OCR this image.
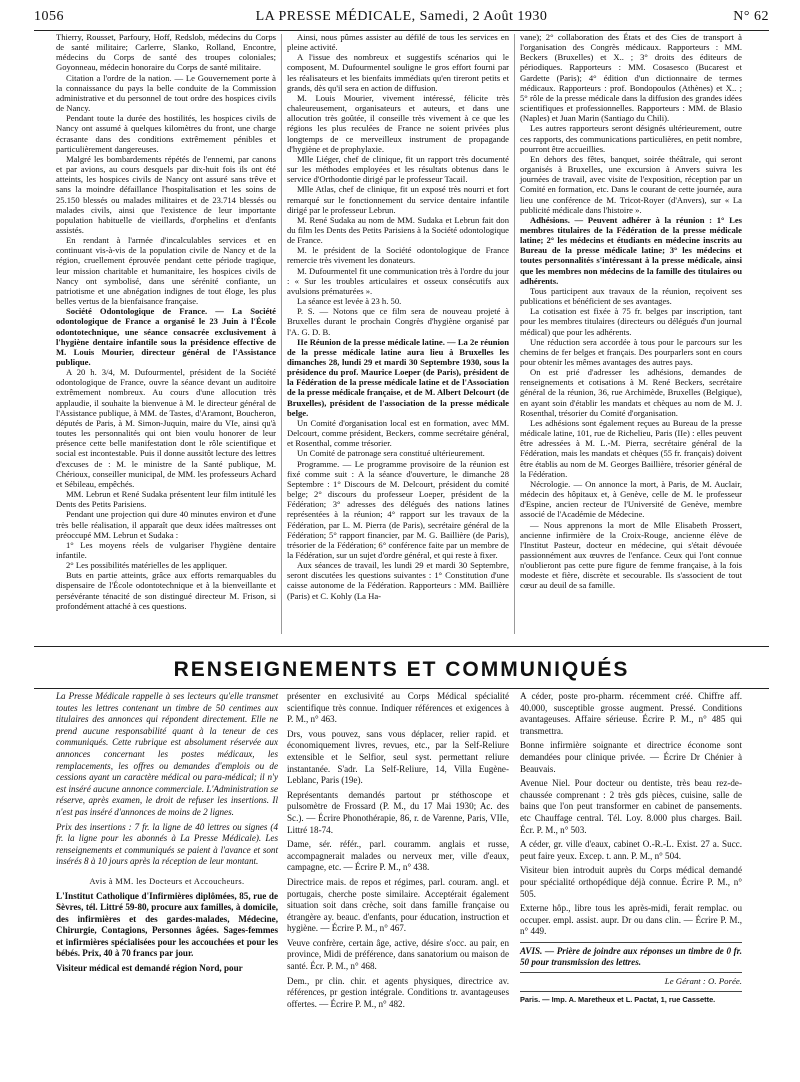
1056	LA PRESSE MÉDICALE, Samedi, 2 Août 1930	N° 62

Thierry, Rousset, Parfoury, Hoff, Redslob, médecins du Corps de santé militaire; Carlerre, Slanko, Rolland, Encontre, médecins du Corps de santé des troupes coloniales; Goyonneau, médecin honoraire du Corps de santé militaire.

Citation a l'ordre de la nation. — Le Gouvernement porte à la connaissance du pays la belle conduite de la Commission administrative et du personnel de tout ordre des hospices civils de Nancy.

Pendant toute la durée des hostilités, les hospices civils de Nancy ont assumé à quelques kilomètres du front, une charge écrasante dans des conditions extrêmement pénibles et particulièrement dangereuses.

Malgré les bombardements répétés de l'ennemi, par canons et par avions, au cours desquels par dix-huit fois ils ont été atteints, les hospices civils de Nancy ont assuré sans trêve et sans la moindre défaillance l'hospitalisation et les soins de 25.150 blessés ou malades militaires et de 23.714 blessés ou malades civils, ainsi que l'existence de leur importante population habituelle de vieillards, d'orphelins et d'enfants assistés.

En rendant à l'armée d'incalculables services et en continuant vis-à-vis de la population civile de Nancy et de la région, cruellement éprouvée pendant cette période tragique, leur mission charitable et humanitaire, les hospices civils de Nancy ont symbolisé, dans une sérénité confiante, un patriotisme et une abnégation indignes de tout éloge, les plus belles vertus de la bienfaisance française.

Société Odontologique de France. — La Société odontologique de France a organisé le 23 Juin à l'École odontotechnique, une séance consacrée exclusivement à l'hygiène dentaire infantile sous la présidence effective de M. Louis Mourier, directeur général de l'Assistance publique.

A 20 h. 3/4, M. Dufourmentel, président de la Société odontologique de France, ouvre la séance devant un auditoire extrêmement nombreux. Au cours d'une allocution très applaudie, il souhaite la bienvenue à M. le directeur général de l'Assistance publique, à MM. de Tastes, d'Aramont, Boucheron, députés de Paris, à M. Simon-Juquin, maire du VIe, ainsi qu'à toutes les personnalités qui ont bien voulu honorer de leur présence cette belle manifestation dont le rôle scientifique et social est incontestable. Puis il donne aussitôt lecture des lettres d'excuses de : M. le ministre de la Santé publique, M. Chérioux, conseiller municipal, de MM. les professeurs Achard et Sébileau, empêchés.

MM. Lebrun et René Sudaka présentent leur film intitulé les Dents des Petits Parisiens.

Pendant une projection qui dure 40 minutes environ et d'une très belle réalisation, il apparaît que deux idées maîtresses ont préoccupé MM. Lebrun et Sudaka :

1° Les moyens réels de vulgariser l'hygiène dentaire infantile.

2° Les possibilités matérielles de les appliquer.

Buts en partie atteints, grâce aux efforts remarquables du dispensaire de l'École odontotechnique et à la bienveillante et persévérante ténacité de son distingué directeur M. Frison, si profondément attaché à ces questions.

Ainsi, nous pûmes assister au défilé de tous les services en pleine activité.

A l'issue des nombreux et suggestifs scénarios qui le composent, M. Dufourmentel souligne le gros effort fourni par les réalisateurs et les bienfaits immédiats qu'en tireront petits et grands, dès qu'il sera en action de diffusion.

M. Louis Mourier, vivement intéressé, félicite très chaleureusement, organisateurs et auteurs, et dans une allocution très goûtée, il conseille très vivement à ce que les régions les plus reculées de France ne soient privées plus longtemps de ce merveilleux instrument de propagande d'hygiène et de prophylaxie.

Mlle Liéger, chef de clinique, fit un rapport très documenté sur les méthodes employées et les résultats obtenus dans le service d'Orthodontie dirigé par le professeur Tacail.

Mlle Atlas, chef de clinique, fit un exposé très nourri et fort remarqué sur le fonctionnement du service dentaire infantile dirigé par le professeur Lebrun.

M. René Sudaka au nom de MM. Sudaka et Lebrun fait don du film les Dents des Petits Parisiens à la Société odontologique de France.

M. le président de la Société odontologique de France remercie très vivement les donateurs.

M. Dufourmentel fit une communication très à l'ordre du jour : « Sur les troubles articulaires et osseux consécutifs aux avulsions prématurées ».

La séance est levée à 23 h. 50.

P. S. — Notons que ce film sera de nouveau projeté à Bruxelles durant le prochain Congrès d'hygiène organisé par l'A. G. D. B.

IIe Réunion de la presse médicale latine. — La 2e réunion de la presse médicale latine aura lieu à Bruxelles les dimanches 28, lundi 29 et mardi 30 Septembre 1930, sous la présidence du prof. Maurice Loeper (de Paris), président de la Fédération de la presse médicale latine et de l'Association de la presse médicale française, et de M. Albert Delcourt (de Bruxelles), président de l'association de la presse médicale belge.

Un Comité d'organisation local est en formation, avec MM. Delcourt, comme président, Beckers, comme secrétaire général, et Rosenthal, comme trésorier.

Un Comité de patronage sera constitué ultérieurement.

Programme. — Le programme provisoire de la réunion est fixé comme suit : A la séance d'ouverture, le dimanche 28 Septembre : 1° Discours de M. Delcourt, président du comité belge; 2° discours du professeur Loeper, président de la Fédération; 3° adresses des délégués des nations latines représentées à la réunion; 4° rapport sur les travaux de la Fédération, par L. M. Pierra (de Paris), secrétaire général de la Fédération; 5° rapport financier, par M. G. Baillière (de Paris), trésorier de la Fédération; 6° conférence faite par un membre de la Fédération, sur un sujet d'ordre général, et qui reste à fixer.

Aux séances de travail, les lundi 29 et mardi 30 Septembre, seront discutées les questions suivantes : 1° Constitution d'une caisse autonome de la Fédération. Rapporteurs : MM. Baillière (Paris) et C. Kohly (La Ha-

vane); 2° collaboration des États et des Cies de transport à l'organisation des Congrès médicaux. Rapporteurs : MM. Beckers (Bruxelles) et X.. ; 3° droits des éditeurs de périodiques. Rapporteurs : MM. Cosasesco (Bucarest et Gardette (Paris); 4° édition d'un dictionnaire de termes médicaux. Rapporteurs : prof. Bondopoulos (Athènes) et X.. ; 5° rôle de la presse médicale dans la diffusion des grandes idées scientifiques et professionnelles. Rapporteurs : MM. de Blasio (Naples) et Juan Marin (Santiago du Chili).

Les autres rapporteurs seront désignés ultérieurement, outre ces rapports, des communications particulières, en petit nombre, pourront être accueillies.

En dehors des fêtes, banquet, soirée théâtrale, qui seront organisés à Bruxelles, une excursion à Anvers suivra les journées de travail, avec visite de l'exposition, réception par un Comité en formation, etc. Dans le courant de cette journée, aura lieu une conférence de M. Tricot-Royer (d'Anvers), sur « La publicité médicale dans l'histoire ».

Adhésions. — Peuvent adhérer à la réunion : 1° Les membres titulaires de la Fédération de la presse médicale latine; 2° les médecins et étudiants en médecine inscrits au Bureau de la presse médicale latine; 3° les médecins et toutes personnalités s'intéressant à la presse médicale, ainsi que les membres non médecins de la famille des titulaires ou adhérents.

Tous participent aux travaux de la réunion, reçoivent ses publications et bénéficient de ses avantages.

La cotisation est fixée à 75 fr. belges par inscription, tant pour les membres titulaires (directeurs ou délégués d'un journal médical) que pour les adhérents.

Une réduction sera accordée à tous pour le parcours sur les chemins de fer belges et français. Des pourparlers sont en cours pour obtenir les mêmes avantages des autres pays.

On est prié d'adresser les adhésions, demandes de renseignements et cotisations à M. René Beckers, secrétaire général de la réunion, 36, rue Archimède, Bruxelles (Belgique), en ayant soin d'établir les mandats et chèques au nom de M. J. Rosenthal, trésorier du Comité d'organisation.

Les adhésions sont également reçues au Bureau de la presse médicale latine, 101, rue de Richelieu, Paris (IIe) : elles peuvent être adressées à M. L.-M. Pierra, secrétaire général de la Fédération, mais les mandats et chèques (55 fr. français) doivent être établis au nom de M. Georges Baillière, trésorier général de la Fédération.

Nécrologie. — On annonce la mort, à Paris, de M. Auclair, médecin des hôpitaux et, à Genève, celle de M. le professeur d'Espine, ancien recteur de l'Université de Genève, membre associé de l'Académie de Médecine.

— Nous apprenons la mort de Mlle Elisabeth Prossert, ancienne infirmière de la Croix-Rouge, ancienne élève de l'Institut Pasteur, docteur en médecine, qui s'était dévouée passionnément aux œuvres de l'enfance. Ceux qui l'ont connue n'oublieront pas cette pure figure de femme française, à la fois modeste et fière, discrète et secourable. Ils s'associent de tout cœur au deuil de sa famille.

RENSEIGNEMENTS ET COMMUNIQUÉS

La Presse Médicale rappelle à ses lecteurs qu'elle transmet toutes les lettres contenant un timbre de 50 centimes aux titulaires des annonces qui répondent directement. Elle ne prend aucune responsabilité quant à la teneur de ces communiqués. Cette rubrique est absolument réservée aux annonces concernant les postes médicaux, les remplacements, les offres ou demandes d'emplois ou de cessions ayant un caractère médical ou para-médical; il n'y est inséré aucune annonce commerciale. L'Administration se réserve, après examen, le droit de refuser les insertions. Il n'est pas inséré d'annonces de moins de 2 lignes.

Prix des insertions : 7 fr. la ligne de 40 lettres ou signes (4 fr. la ligne pour les abonnés à La Presse Médicale). Les renseignements et communiqués se paient à l'avance et sont insérés 8 à 10 jours après la réception de leur montant.

Avis à MM. les Docteurs et Accoucheurs.

L'Institut Catholique d'Infirmières diplômées, 85, rue de Sèvres, tél. Littré 59-80, procure aux familles, à domicile, des infirmières et des gardes-malades, Médecine, Chirurgie, Contagions, Personnes âgées. Sages-femmes et infirmières spécialisées pour les accouchées et pour les bébés. Prix, 40 à 70 francs par jour.

Visiteur médical est demandé région Nord, pour

présenter en exclusivité au Corps Médical spécialité scientifique très connue. Indiquer références et exigences à P. M., n° 463.

Drs, vous pouvez, sans vous déplacer, relier rapid. et économiquement livres, revues, etc., par la Self-Reliure extensible et le Selfior, seul syst. permettant reliure instantanée. S'adr. La Self-Reliure, 14, Villa Eugène-Leblanc, Paris (19e).

Représentants demandés partout pr stéthoscope et pulsomètre de Frossard (P. M., du 17 Mai 1930; Ac. des Sc.). — Écrire Phonothérapie, 86, r. de Varenne, Paris, VIIe, Littré 18-74.

Dame, sér. référ., parl. couramm. anglais et russe, accompagnerait malades ou nerveux mer, ville d'eaux, campagne, etc. — Écrire P. M., n° 438.

Directrice mais. de repos et régimes, parl. couram. angl. et portugais, cherche poste similaire. Acceptérait également situation soit dans crèche, soit dans famille française ou étrangère ay. beauc. d'enfants, pour éducation, instruction et hygiène. — Écrire P. M., n° 467.

Veuve confrère, certain âge, active, désire s'occ. au pair, en province, Midi de préférence, dans sanatorium ou maison de santé. Écr. P. M., n° 468.

Dem., pr clin. chir. et agents physiques, directrice av. références, pr gestion intégrale. Conditions tr. avantageuses offertes. — Écrire P. M., n° 482.

A céder, poste pro-pharm. récemment créé. Chiffre aff. 40.000, susceptible grosse augment. Pressé. Conditions avantageuses. Affaire sérieuse. Écrire P. M., n° 485 qui transmettra.

Bonne infirmière soignante et directrice économe sont demandées pour clinique privée. — Écrire Dr Chénier à Beauvais.

Avenue Niel. Pour docteur ou dentiste, très beau rez-de-chaussée comprenant : 2 très gds pièces, cuisine, salle de bains que l'on peut transformer en cabinet de pansements. etc Chauffage central. Tél. Loy. 8.000 plus charges. Bail. Écr. P. M., n° 503.

A céder, gr. ville d'eaux, cabinet O.-R.-L. Exist. 27 a. Succ. peut faire yeux. Excep. t. ann. P. M., n° 504.

Visiteur bien introduit auprès du Corps médical demandé pour spécialité orthopédique déjà connue. Écrire P. M., n° 505.

Externe hôp., libre tous les après-midi, ferait remplac. ou occuper. empl. assist. aupr. Dr ou dans clin. — Écrire P. M., n° 449.

AVIS. — Prière de joindre aux réponses un timbre de 0 fr. 50 pour transmission des lettres.

Le Gérant : O. Porée.

Paris. — Imp. A. Maretheux et L. Pactat, 1, rue Cassette.
